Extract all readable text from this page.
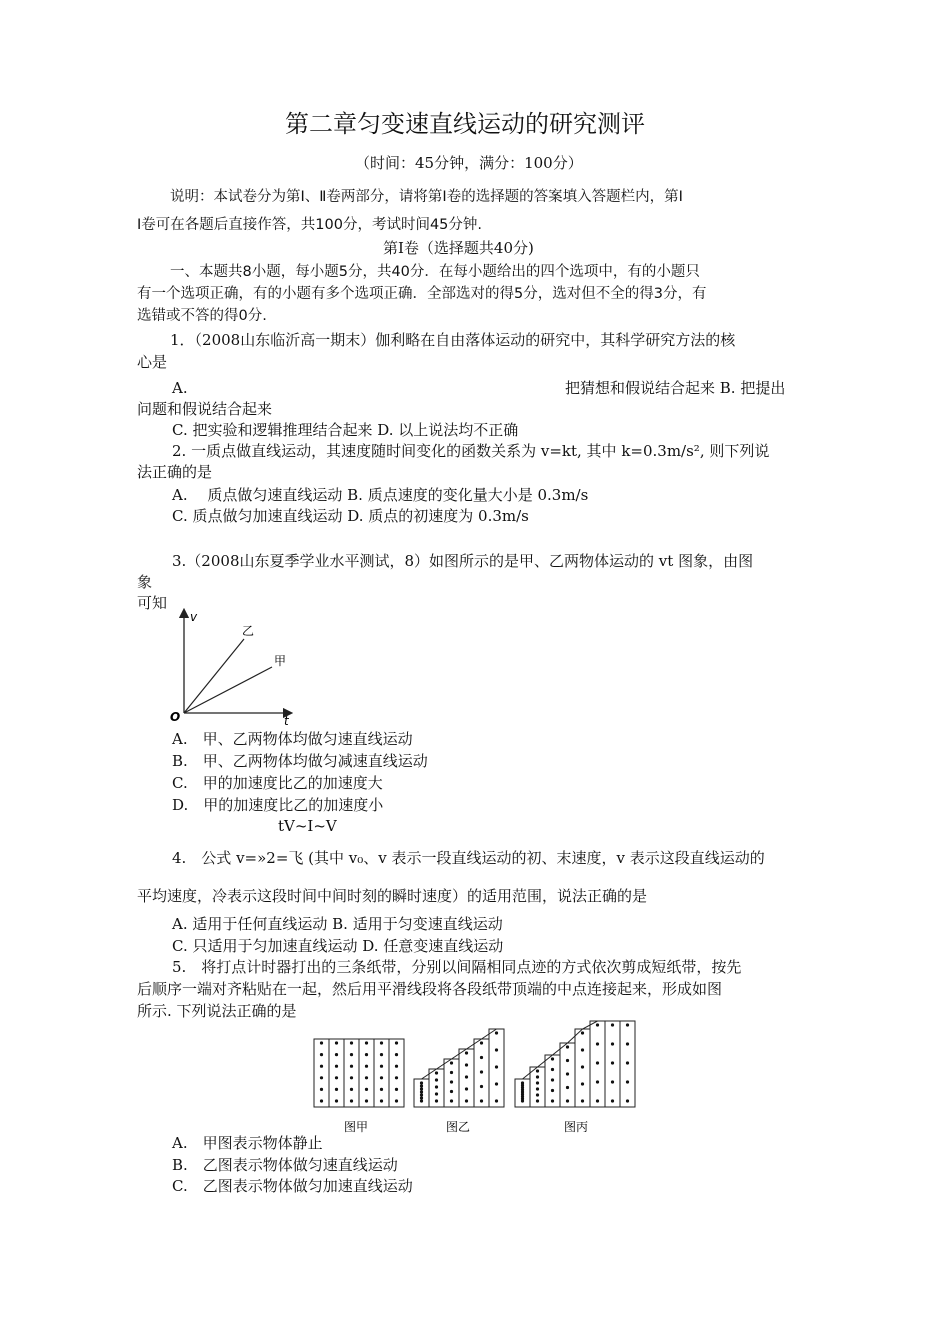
第二章匀变速直线运动的研究测评
（时间：45分钟，满分：100分）
说明：本试卷分为第Ⅰ、Ⅱ卷两部分，请将第Ⅰ卷的选择题的答案填入答题栏内，第Ⅰ
Ⅰ卷可在各题后直接作答，共100分，考试时间45分钟.
第Ⅰ卷（选择题共40分)
一、本题共8小题，每小题5分，共40分．在每小题给出的四个选项中，有的小题只
有一个选项正确，有的小题有多个选项正确．全部选对的得5分，选对但不全的得3分，有
选错或不答的得0分.
1．（2008山东临沂高一期末）伽利略在自由落体运动的研究中，其科学研究方法的核
心是
A.	把猜想和假说结合起来 B. 把提出
问题和假说结合起来
C. 把实验和逻辑推理结合起来 D. 以上说法均不正确
2. 一质点做直线运动，其速度随时间变化的函数关系为 v=kt, 其中 k=0.3m/s², 则下列说
法正确的是
A.　 质点做匀速直线运动 B. 质点速度的变化量大小是 0.3m/s
C. 质点做匀加速直线运动 D. 质点的初速度为 0.3m/s
3.（2008山东夏季学业水平测试，8）如图所示的是甲、乙两物体运动的 vt 图象，由图
象
可知
v
t
O
乙
甲
A.　甲、乙两物体均做匀速直线运动
B.　甲、乙两物体均做匀减速直线运动
C.　甲的加速度比乙的加速度大
D.　甲的加速度比乙的加速度小
tV~I~V
4.　公式 v=»2=飞 (其中 v₀、v 表示一段直线运动的初、末速度，v 表示这段直线运动的
平均速度，冷表示这段时间中间时刻的瞬时速度）的适用范围，说法正确的是
A. 适用于任何直线运动 B. 适用于匀变速直线运动
C. 只适用于匀加速直线运动 D. 任意变速直线运动
5.　将打点计时器打出的三条纸带，分别以间隔相同点迹的方式依次剪成短纸带，按先
后顺序一端对齐粘贴在一起，然后用平滑线段将各段纸带顶端的中点连接起来，形成如图
所示. 下列说法正确的是
图甲	图乙	图丙
A.　甲图表示物体静止
B.　乙图表示物体做匀速直线运动
C.　乙图表示物体做匀加速直线运动
